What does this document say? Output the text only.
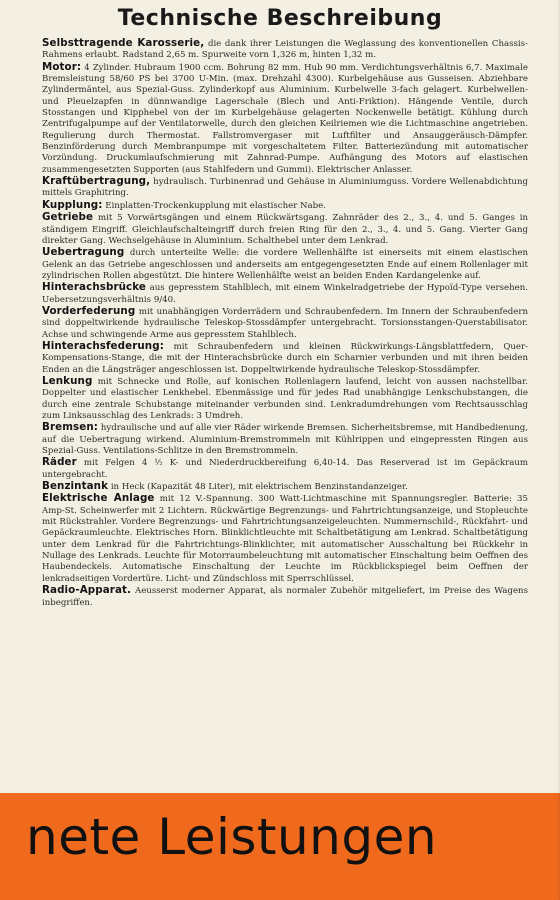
Technische Beschreibung

Selbsttragende Karosserie, die dank ihrer Leistungen die Weglassung des konventionellen Chassis-Rahmens erlaubt. Radstand 2,65 m. Spurweite vorn 1,326 m, hinten 1,32 m.

Motor: 4 Zylinder. Hubraum 1900 ccm. Bohrung 82 mm. Hub 90 mm. Verdichtungsverhältnis 6,7. Maximale Bremsleistung 58/60 PS bei 3700 U-Min. (max. Drehzahl 4300). Kurbelgehäuse aus Gusseisen. Abziehbare Zylindermäntel, aus Spezial-Guss. Zylinderkopf aus Aluminium. Kurbelwelle 3-fach gelagert. Kurbelwellen- und Pleuelzapfen in dünnwandige Lagerschale (Blech und Anti-Friktion). Hängende Ventile, durch Stosstangen und Kipphebel von der im Kurbelgehäuse gelagerten Nockenwelle betätigt. Kühlung durch Zentrifugalpumpe auf der Ventilatorwelle, durch den gleichen Keilriemen wie die Lichtmaschine angetrieben. Regulierung durch Thermostat. Fallstromvergaser mit Luftfilter und Ansauggeräusch-Dämpfer. Benzinförderung durch Membranpumpe mit vorgeschaltetem Filter. Batteriezündung mit automatischer Vorzündung. Druckumlaufschmierung mit Zahnrad-Pumpe. Aufhängung des Motors auf elastischen zusammengesetzten Supporten (aus Stahlfedern und Gummi). Elektrischer Anlasser.

Kraftübertragung, hydraulisch. Turbinenrad und Gehäuse in Aluminiumguss. Vordere Wellenabdichtung mittels Graphitring.

Kupplung: Einplatten-Trockenkupplung mit elastischer Nabe.

Getriebe mit 5 Vorwärtsgängen und einem Rückwärtsgang. Zahnräder des 2., 3., 4. und 5. Ganges in ständigem Eingriff. Gleichlaufschalteingriff durch freien Ring für den 2., 3., 4. und 5. Gang. Vierter Gang direkter Gang. Wechselgehäuse in Aluminium. Schalthebel unter dem Lenkrad.

Uebertragung durch unterteilte Welle: die vordere Wellenhälfte ist einerseits mit einem elastischen Gelenk an das Getriebe angeschlossen und anderseits am entgegengesetzten Ende auf einem Rollenlager mit zylindrischen Rollen abgestützt. Die hintere Wellenhälfte weist an beiden Enden Kardangelenke auf.

Hinterachsbrücke aus gepresstem Stahlblech, mit einem Winkelradgetriebe der Hypoïd-Type versehen. Uebersetzungsverhältnis 9/40.

Vorderfederung mit unabhängigen Vorderrädern und Schraubenfedern. Im Innern der Schraubenfedern sind doppeltwirkende hydraulische Teleskop-Stossdämpfer untergebracht. Torsionsstangen-Querstabilisator. Achse und schwingende Arme aus gepresstem Stahlblech.

Hinterachsfederung: mit Schraubenfedern und kleinen Rückwirkungs-Längsblattfedern, Quer-Kompensations-Stange, die mit der Hinterachsbrücke durch ein Scharnier verbunden und mit ihren beiden Enden an die Längsträger angeschlossen ist. Doppeltwirkende hydraulische Teleskop-Stossdämpfer.

Lenkung mit Schnecke und Rolle, auf konischen Rollenlagern laufend, leicht von aussen nachstellbar. Doppelter und elastischer Lenkhebel. Ebenmässige und für jedes Rad unabhängige Lenkschubstangen, die durch eine zentrale Schubstange miteinander verbunden sind. Lenkradumdrehungen vom Rechtsausschlag zum Linksausschlag des Lenkrads: 3 Umdreh.

Bremsen: hydraulische und auf alle vier Räder wirkende Bremsen. Sicherheitsbremse, mit Handbedienung, auf die Uebertragung wirkend. Aluminium-Bremstrommeln mit Kühlrippen und eingepressten Ringen aus Spezial-Guss. Ventilations-Schlitze in den Bremstrommeln.

Räder mit Felgen 4 ½ K- und Niederdruckbereifung 6,40-14. Das Reserverad ist im Gepäckraum untergebracht.

Benzintank in Heck (Kapazität 48 Liter), mit elektrischem Benzinstandanzeiger.

Elektrische Anlage mit 12 V.-Spannung. 300 Watt-Lichtmaschine mit Spannungsregler. Batterie: 35 Amp-St. Scheinwerfer mit 2 Lichtern. Rückwärtige Begrenzungs- und Fahrtrichtungsanzeige, und Stopleuchte mit Rückstrahler. Vordere Begrenzungs- und Fahrtrichtungsanzeigeleuchten. Nummernschild-, Rückfahrt- und Gepäckraumleuchte. Elektrisches Horn. Blinklichtleuchte mit Schaltbetätigung am Lenkrad. Schaltbetätigung unter dem Lenkrad für die Fahrtrichtungs-Blinklichter, mit automatischer Ausschaltung bei Rückkehr in Nullage des Lenkrads. Leuchte für Motorraumbeleuchtung mit automatischer Einschaltung beim Oeffnen des Haubendeckels. Automatische Einschaltung der Leuchte im Rückblickspiegel beim Oeffnen der lenkradseitigen Vordertüre. Licht- und Zündschloss mit Sperrschlüssel.

Radio-Apparat. Aeusserst moderner Apparat, als normaler Zubehör mitgeliefert, im Preise des Wagens inbegriffen.

nete Leistungen
